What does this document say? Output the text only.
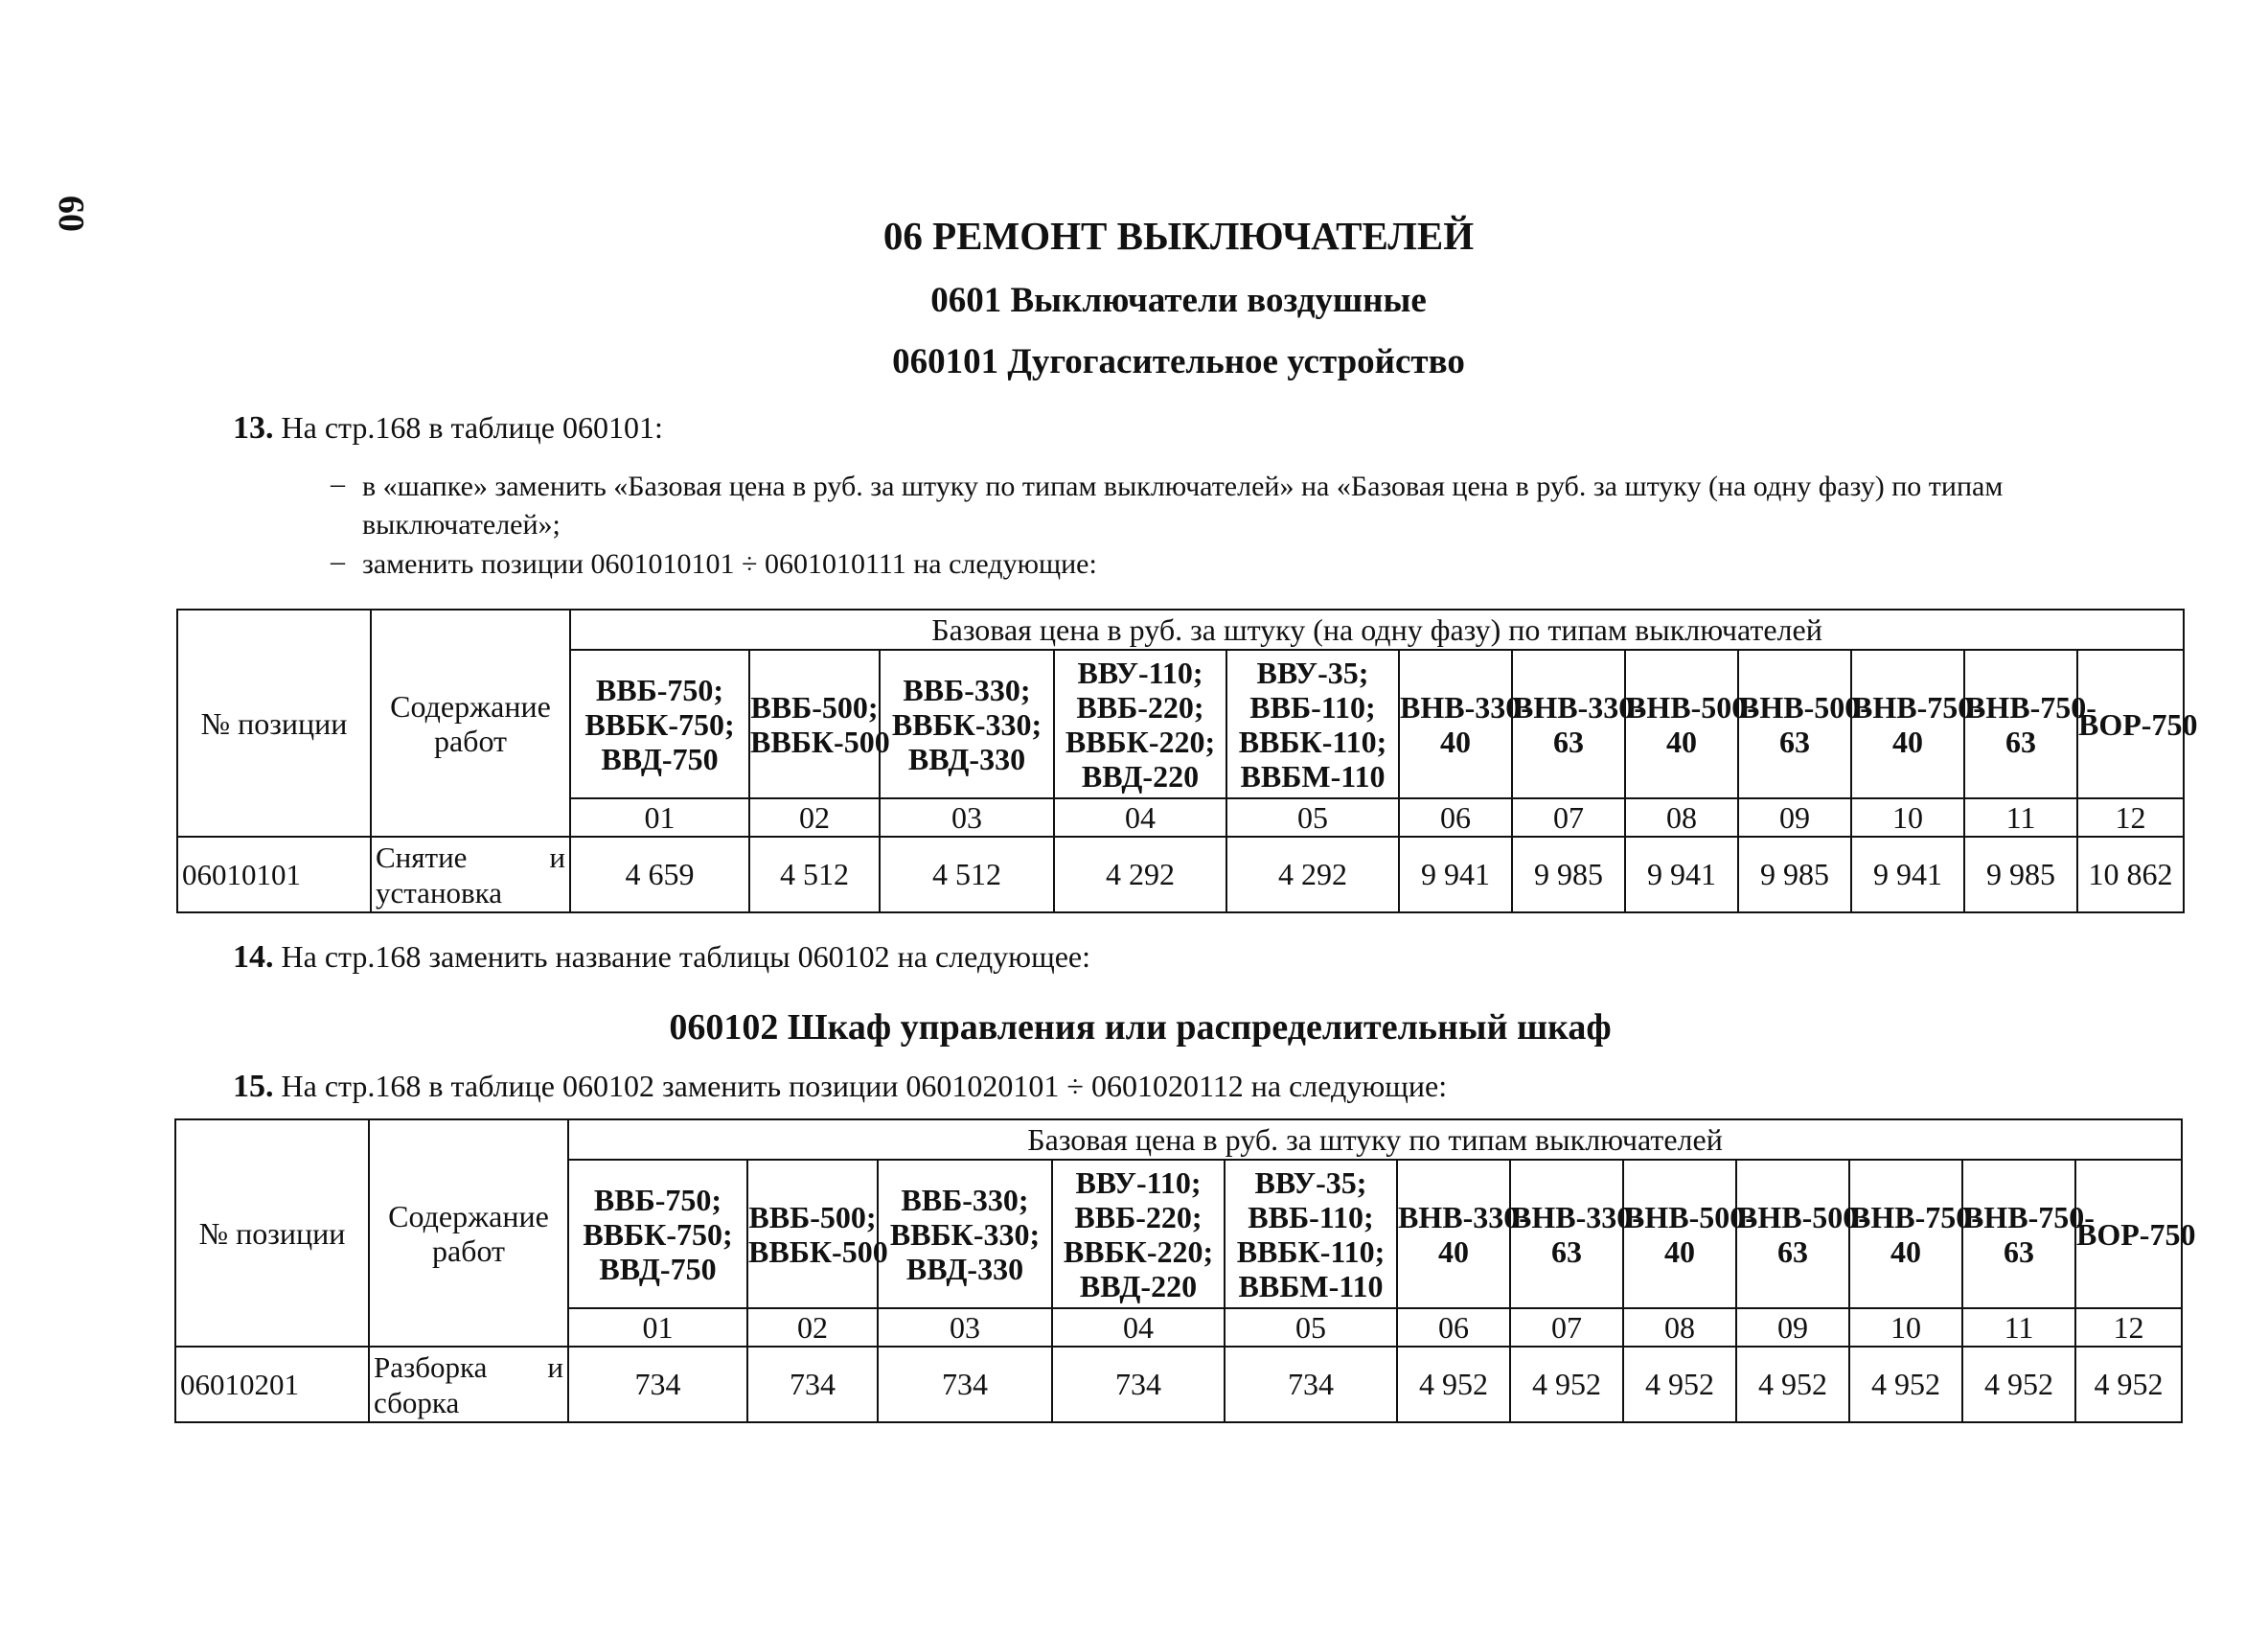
60	06 РЕМОНТ ВЫКЛЮЧАТЕЛЕЙ
0601 Выключатели воздушные
060101 Дугогасительное устройство
13. На стр.168 в таблице 060101:
– в «шапке» заменить «Базовая цена в руб. за штуку по типам выключателей» на «Базовая цена в руб. за штуку (на одну фазу) по типам выключателей»;
– заменить позиции 0601010101 ÷ 0601010111 на следующие:
№ позиции	Содержание работ	Базовая цена в руб. за штуку (на одну фазу) по типам выключателей											
		ВВБ-750; ВВБК-750; ВВД-750	ВВБ-500; ВВБК-500	ВВБ-330; ВВБК-330; ВВД-330	ВВУ-110; ВВБ-220; ВВБК-220; ВВД-220	ВВУ-35; ВВБ-110; ВВБК-110; ВВБМ-110	ВНВ-330-40	ВНВ-330-63	ВНВ-500-40	ВНВ-500-63	ВНВ-750-40	ВНВ-750-63	ВОР-750
		01	02	03	04	05	06	07	08	09	10	11	12
06010101	Снятие и установка	4 659	4 512	4 512	4 292	4 292	9 941	9 985	9 941	9 985	9 941	9 985	10 862
14. На стр.168 заменить название таблицы 060102 на следующее:
060102 Шкаф управления или распределительный шкаф
15. На стр.168 в таблице 060102 заменить позиции 0601020101 ÷ 0601020112 на следующие:
№ позиции	Содержание работ	Базовая цена в руб. за штуку по типам выключателей											
		ВВБ-750; ВВБК-750; ВВД-750	ВВБ-500; ВВБК-500	ВВБ-330; ВВБК-330; ВВД-330	ВВУ-110; ВВБ-220; ВВБК-220; ВВД-220	ВВУ-35; ВВБ-110; ВВБК-110; ВВБМ-110	ВНВ-330-40	ВНВ-330-63	ВНВ-500-40	ВНВ-500-63	ВНВ-750-40	ВНВ-750-63	ВОР-750
		01	02	03	04	05	06	07	08	09	10	11	12
06010201	Разборка и сборка	734	734	734	734	734	4 952	4 952	4 952	4 952	4 952	4 952	4 952
